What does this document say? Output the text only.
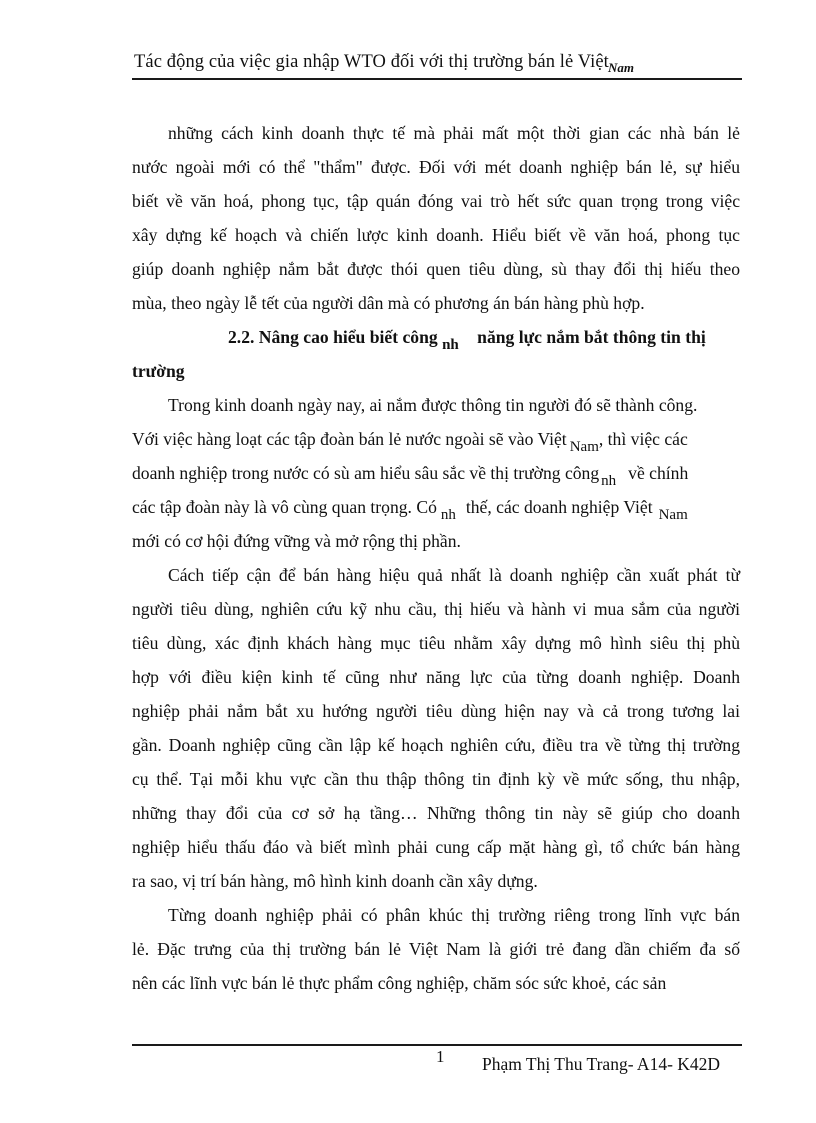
Tác động của việc gia nhập WTO đối với thị trường bán lẻ Việt Nam
những cách kinh doanh thực tế mà phải mất một thời gian các nhà bán lẻ
nước ngoài mới có thể "thẩm" được. Đối với mét doanh nghiệp bán lẻ, sự hiểu
biết về văn hoá, phong tục, tập quán đóng vai trò hết sức quan trọng trong việc
xây dựng kế hoạch và chiến lược kinh doanh. Hiểu biết về văn hoá, phong tục
giúp doanh nghiệp nắm bắt được thói quen tiêu dùng, sù thay đổi thị hiếu theo
mùa, theo ngày lễ tết của người dân mà có phương án bán hàng phù hợp.
2.2. Nâng cao hiểu biết công nh năng lực nắm bắt thông tin thị
trường
Trong kinh doanh ngày nay, ai nắm được thông tin người đó sẽ thành công.
Với việc hàng loạt các tập đoàn bán lẻ nước ngoài sẽ vào Việt Nam, thì việc các
doanh nghiệp trong nước có sù am hiểu sâu sắc về thị trường công nh về chính
các tập đoàn này là vô cùng quan trọng. Có nh thế, các doanh nghiệp Việt Nam
mới có cơ hội đứng vững và mở rộng thị phần.
Cách tiếp cận để bán hàng hiệu quả nhất là doanh nghiệp cần xuất phát từ
người tiêu dùng, nghiên cứu kỹ nhu cầu, thị hiếu và hành vi mua sắm của người
tiêu dùng, xác định khách hàng mục tiêu nhằm xây dựng mô hình siêu thị phù
hợp với điều kiện kinh tế cũng như năng lực của từng doanh nghiệp. Doanh
nghiệp phải nắm bắt xu hướng người tiêu dùng hiện nay và cả trong tương lai
gần. Doanh nghiệp cũng cần lập kế hoạch nghiên cứu, điều tra về từng thị trường
cụ thể. Tại mỗi khu vực cần thu thập thông tin định kỳ về mức sống, thu nhập,
những thay đổi của cơ sở hạ tầng… Những thông tin này sẽ giúp cho doanh
nghiệp hiểu thấu đáo và biết mình phải cung cấp mặt hàng gì, tổ chức bán hàng
ra sao, vị trí bán hàng, mô hình kinh doanh cần xây dựng.
Từng doanh nghiệp phải có phân khúc thị trường riêng trong lĩnh vực bán
lẻ. Đặc trưng của thị trường bán lẻ Việt Nam là giới trẻ đang dần chiếm đa số
nên các lĩnh vực bán lẻ thực phẩm công nghiệp, chăm sóc sức khoẻ, các sản
1 Phạm Thị Thu Trang- A14- K42D
